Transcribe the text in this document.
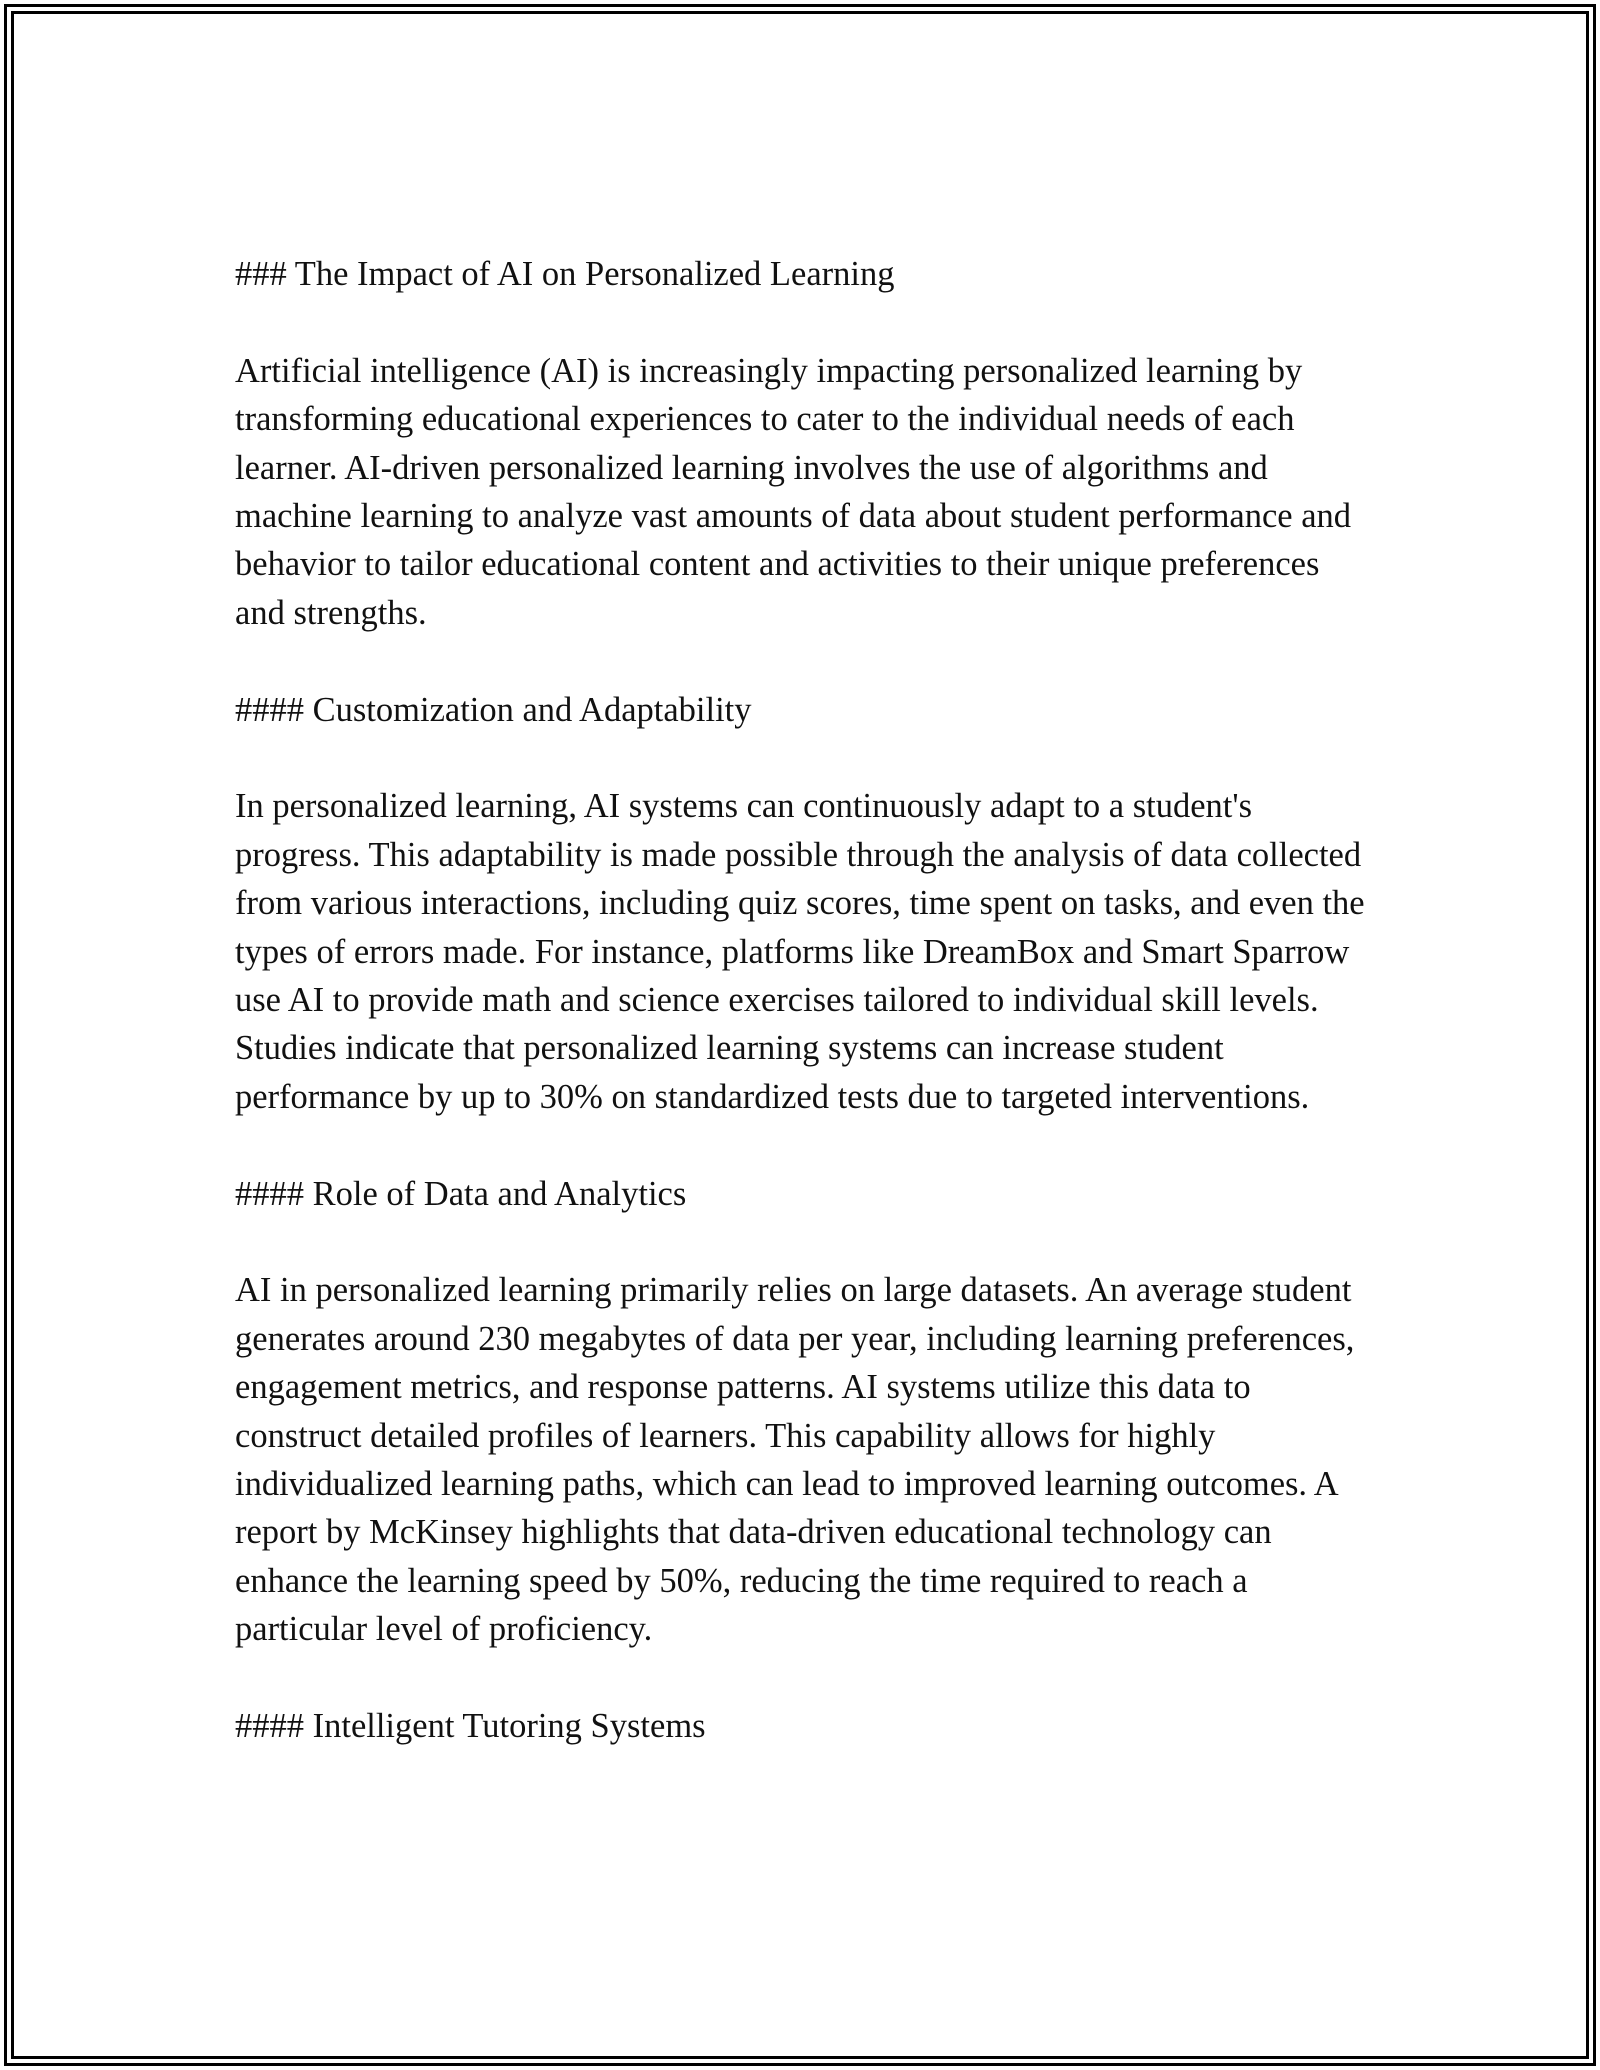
### The Impact of AI on Personalized Learning

Artificial intelligence (AI) is increasingly impacting personalized learning by transforming educational experiences to cater to the individual needs of each learner. AI-driven personalized learning involves the use of algorithms and machine learning to analyze vast amounts of data about student performance and behavior to tailor educational content and activities to their unique preferences and strengths.

#### Customization and Adaptability

In personalized learning, AI systems can continuously adapt to a student's progress. This adaptability is made possible through the analysis of data collected from various interactions, including quiz scores, time spent on tasks, and even the types of errors made. For instance, platforms like DreamBox and Smart Sparrow use AI to provide math and science exercises tailored to individual skill levels. Studies indicate that personalized learning systems can increase student performance by up to 30% on standardized tests due to targeted interventions.

#### Role of Data and Analytics

AI in personalized learning primarily relies on large datasets. An average student generates around 230 megabytes of data per year, including learning preferences, engagement metrics, and response patterns. AI systems utilize this data to construct detailed profiles of learners. This capability allows for highly individualized learning paths, which can lead to improved learning outcomes. A report by McKinsey highlights that data-driven educational technology can enhance the learning speed by 50%, reducing the time required to reach a particular level of proficiency.

#### Intelligent Tutoring Systems
